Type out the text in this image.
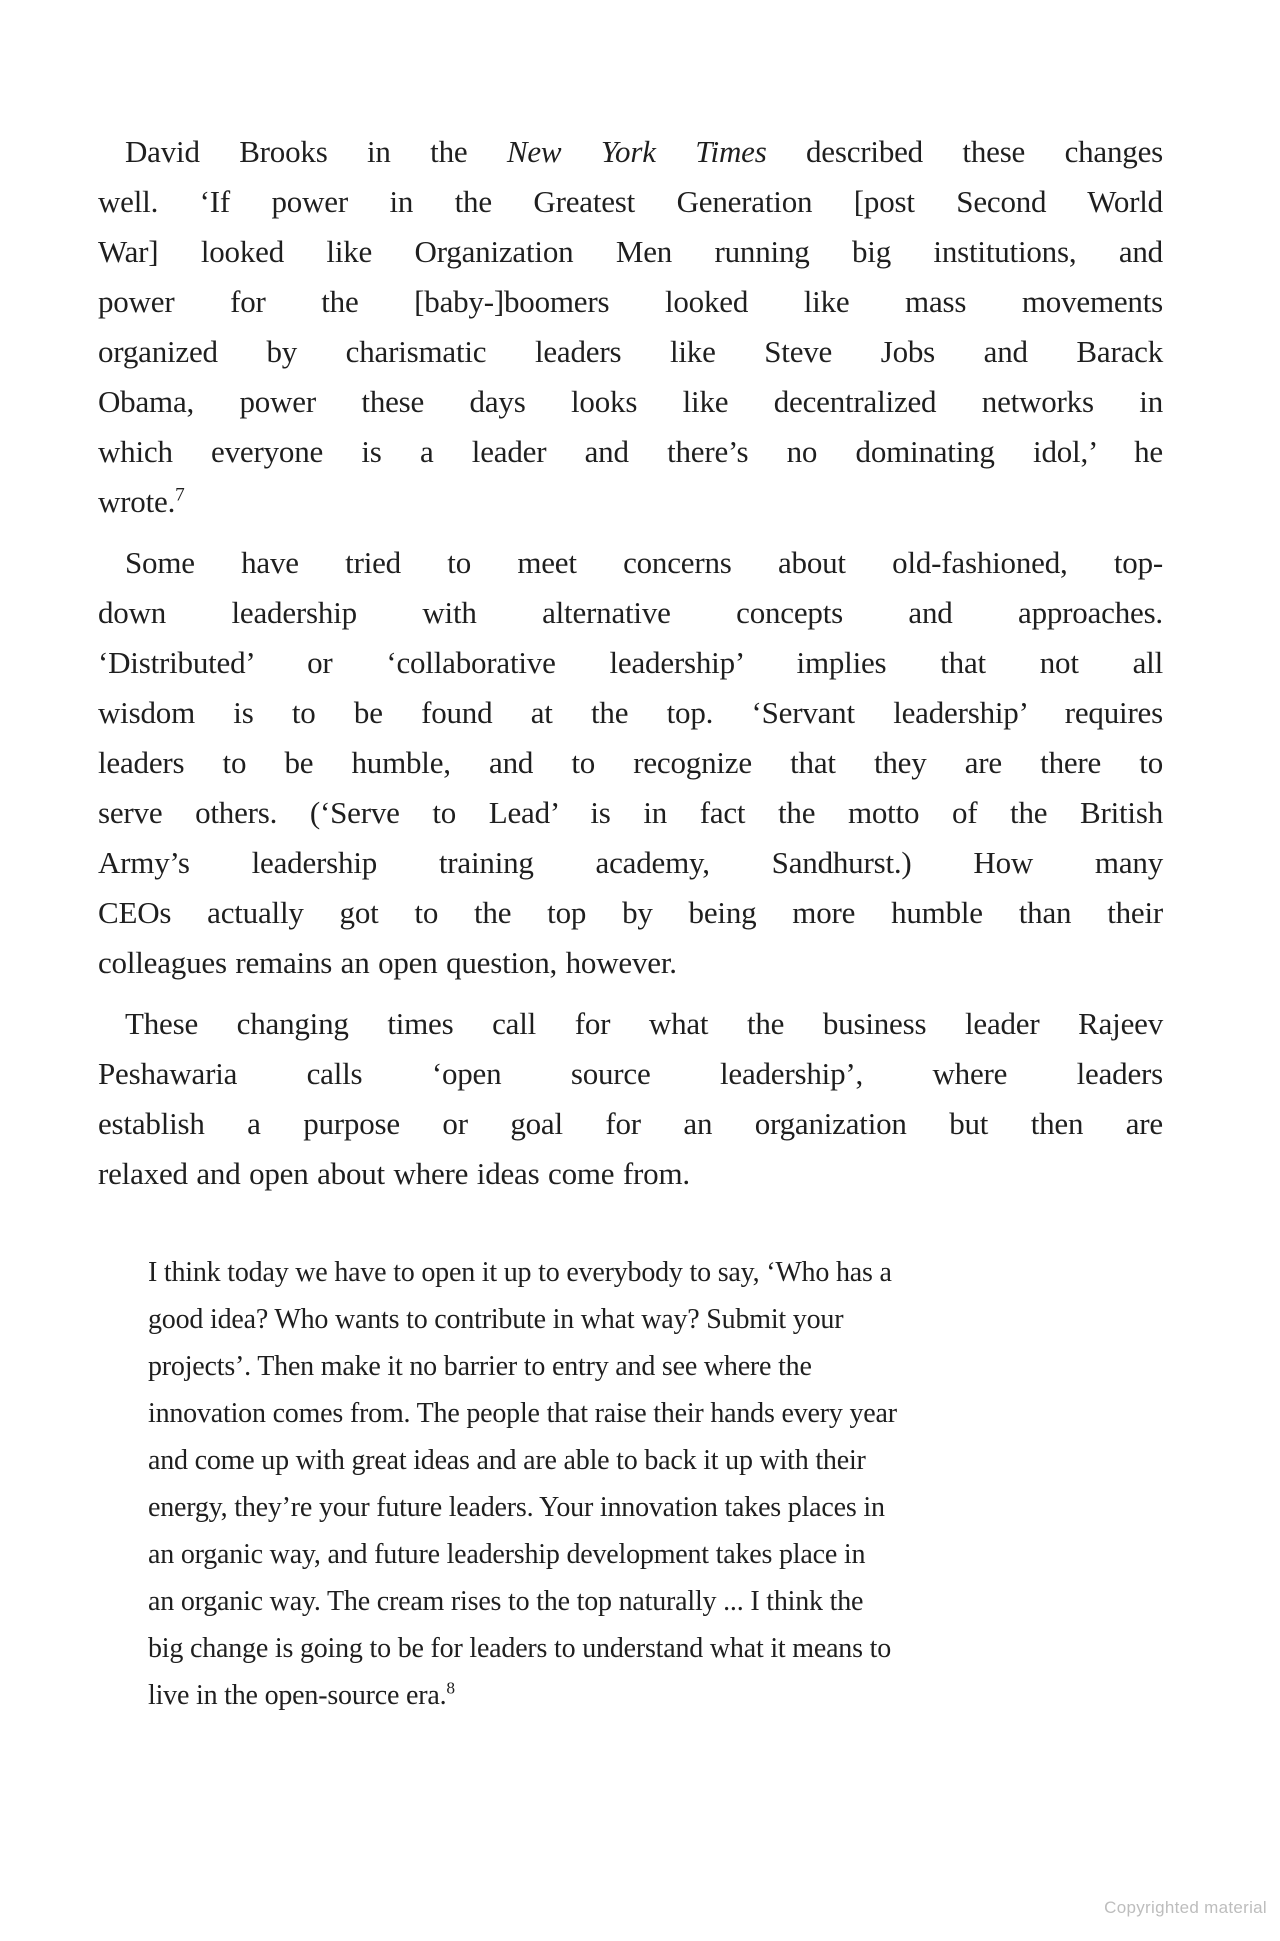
David Brooks in the New York Times described these changes
well. ‘If power in the Greatest Generation [post Second World
War] looked like Organization Men running big institutions, and
power for the [baby-]boomers looked like mass movements
organized by charismatic leaders like Steve Jobs and Barack
Obama, power these days looks like decentralized networks in
which everyone is a leader and there’s no dominating idol,’ he
wrote.$^7$
Some have tried to meet concerns about old-fashioned, top-
down leadership with alternative concepts and approaches.
‘Distributed’ or ‘collaborative leadership’ implies that not all
wisdom is to be found at the top. ‘Servant leadership’ requires
leaders to be humble, and to recognize that they are there to
serve others. (‘Serve to Lead’ is in fact the motto of the British
Army’s leadership training academy, Sandhurst.) How many
CEOs actually got to the top by being more humble than their
colleagues remains an open question, however.
These changing times call for what the business leader Rajeev
Peshawaria calls ‘open source leadership’, where leaders
establish a purpose or goal for an organization but then are
relaxed and open about where ideas come from.
I think today we have to open it up to everybody to say, ‘Who has a
good idea? Who wants to contribute in what way? Submit your
projects’. Then make it no barrier to entry and see where the
innovation comes from. The people that raise their hands every year
and come up with great ideas and are able to back it up with their
energy, they’re your future leaders. Your innovation takes places in
an organic way, and future leadership development takes place in
an organic way. The cream rises to the top naturally ... I think the
big change is going to be for leaders to understand what it means to
live in the open-source era.$^8$
Copyrighted material
